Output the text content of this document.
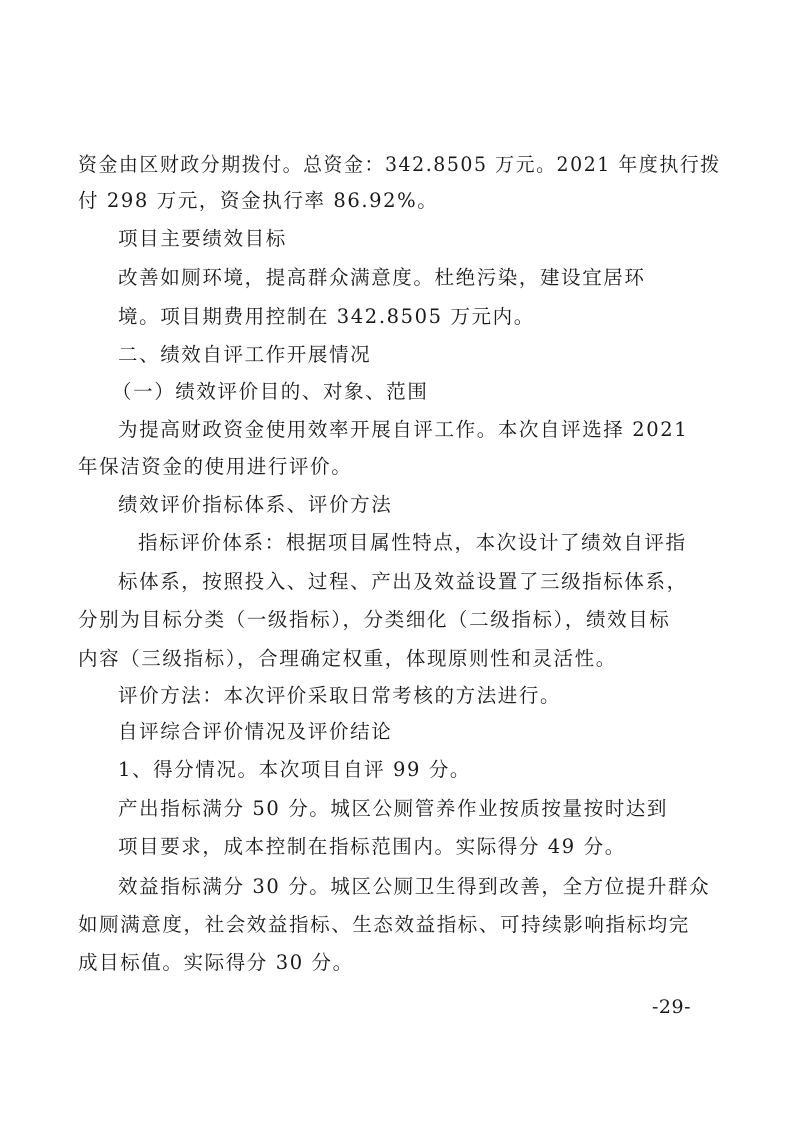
资金由区财政分期拨付。总资金：342.8505 万元。2021 年度执行拨
付 298 万元，资金执行率 86.92%。
项目主要绩效目标
改善如厕环境，提高群众满意度。杜绝污染，建设宜居环
境。项目期费用控制在 342.8505 万元内。
二、绩效自评工作开展情况
（一）绩效评价目的、对象、范围
为提高财政资金使用效率开展自评工作。本次自评选择 2021
年保洁资金的使用进行评价。
绩效评价指标体系、评价方法
指标评价体系：根据项目属性特点，本次设计了绩效自评指
标体系，按照投入、过程、产出及效益设置了三级指标体系，
分别为目标分类（一级指标），分类细化（二级指标），绩效目标
内容（三级指标），合理确定权重，体现原则性和灵活性。
评价方法：本次评价采取日常考核的方法进行。
自评综合评价情况及评价结论
1、得分情况。本次项目自评 99 分。
产出指标满分 50 分。城区公厕管养作业按质按量按时达到
项目要求，成本控制在指标范围内。实际得分 49 分。
效益指标满分 30 分。城区公厕卫生得到改善，全方位提升群众
如厕满意度，社会效益指标、生态效益指标、可持续影响指标均完
成目标值。实际得分 30 分。
-29-
